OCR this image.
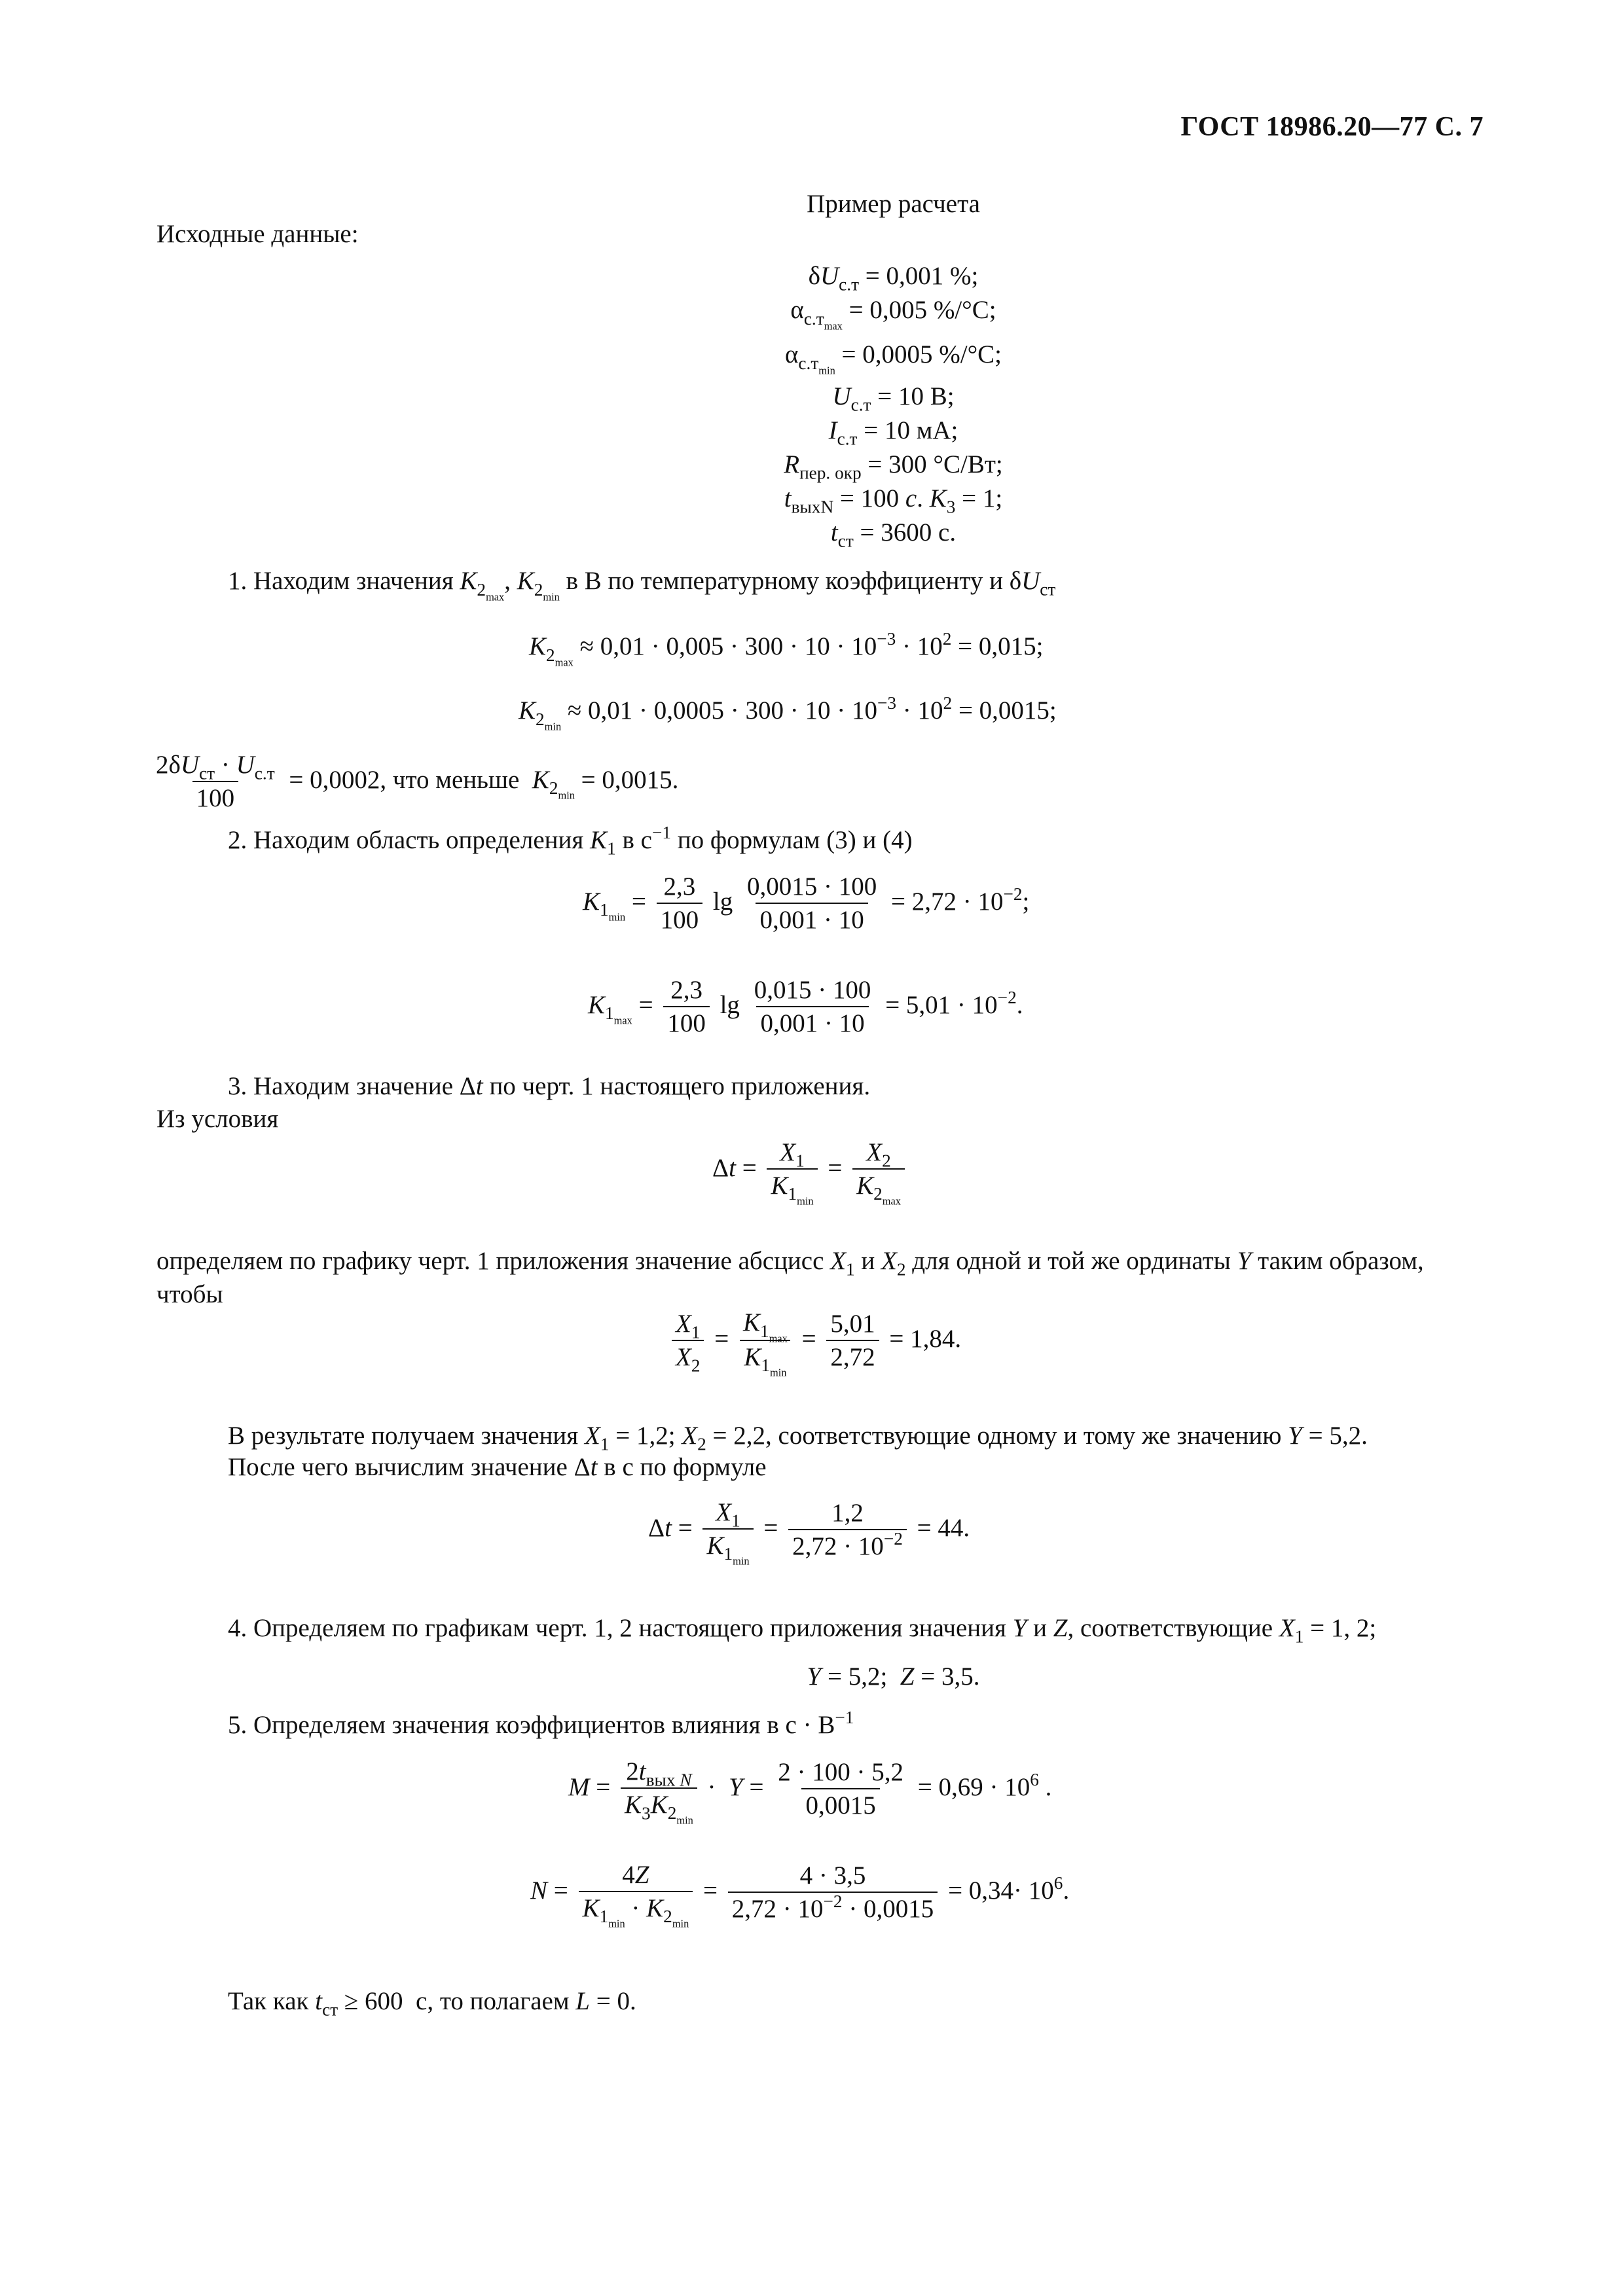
ГОСТ 18986.20—77 С. 7
Пример расчета
Исходные данные:
$\delta U_{с.т} = 0,001$ %;
$\alpha_{с.т_{max}} = 0,005$ %/°С;
$\alpha_{с.т_{min}} = 0,0005$ %/°С;
$U_{с.т} = 10$ В;
$I_{с.т} = 10$ мА;
$R_{пер. окр} = 300$ °С/Вт;
$t_{выхN} = 100$ с. $K_3 = 1$;
$t_{ст} = 3600$ с.
1. Находим значения $K_{2_{max}}$, $K_{2_{min}}$ в В по температурному коэффициенту и $\delta U_{ст}$
$K_{2_{max}} \approx 0,01 \cdot 0,005 \cdot 300 \cdot 10 \cdot 10^{-3} \cdot 10^2 = 0,015$;
$K_{2_{min}} \approx 0,01 \cdot 0,0005 \cdot 300 \cdot 10 \cdot 10^{-3} \cdot 10^2 = 0,0015$;
$\frac{2\delta U_{ст} \cdot U_{с.т}}{100} = 0,0002$, что меньше  $K_{2_{min}} = 0,0015$.
2. Находим область определения $K_1$ в $с^{-1}$ по формулам (3) и (4)
$K_{1_{min}} = \frac{2,3}{100}$ $\lg \frac{0,0015 \cdot 100}{0,001 \cdot 10} = 2,72 \cdot 10^{-2}$;
$K_{1_{max}} = \frac{2,3}{100}$ $\lg \frac{0,015 \cdot 100}{0,001 \cdot 10} = 5,01 \cdot 10^{-2}$.
3. Находим значение Δt по черт. 1 настоящего приложения.
Из условия
$\Delta t = \frac{X_1}{K_{1_{min}}} = \frac{X_2}{K_{2_{max}}}$
определяем по графику черт. 1 приложения значение абсцисс $X_1$ и $X_2$ для одной и той же ординаты Y таким образом, чтобы
$\frac{X_1}{X_2} = \frac{K_{1_{max}}}{K_{1_{min}}} = \frac{5,01}{2,72} = 1,84$.
В результате получаем значения $X_1 = 1,2$; $X_2 = 2,2$, соответствующие одному и тому же значению Y = 5,2.
После чего вычислим значение Δt в с по формуле
$\Delta t = \frac{X_1}{K_{1_{min}}} = \frac{1,2}{2,72 \cdot 10^{-2}} = 44$.
4. Определяем по графикам черт. 1, 2 настоящего приложения значения Y и Z, соответствующие $X_1 = 1$, 2;
Y = 5,2;  Z = 3,5.
5. Определяем значения коэффициентов влияния в $с \cdot В^{-1}$
$M = \frac{2t_{вых N}}{K_3K_{2_{min}}} \cdot Y = \frac{2 \cdot 100 \cdot 5,2}{0,0015} = 0,69 \cdot 10^6$ .
$N = \frac{4Z}{K_{1_{min}} \cdot K_{2_{min}}} = \frac{4 \cdot 3,5}{2,72 \cdot 10^{-2} \cdot 0,0015} = 0,34\cdot 10^6$.
Так как $t_{ст} \ge 600$  с, то полагаем L = 0.
